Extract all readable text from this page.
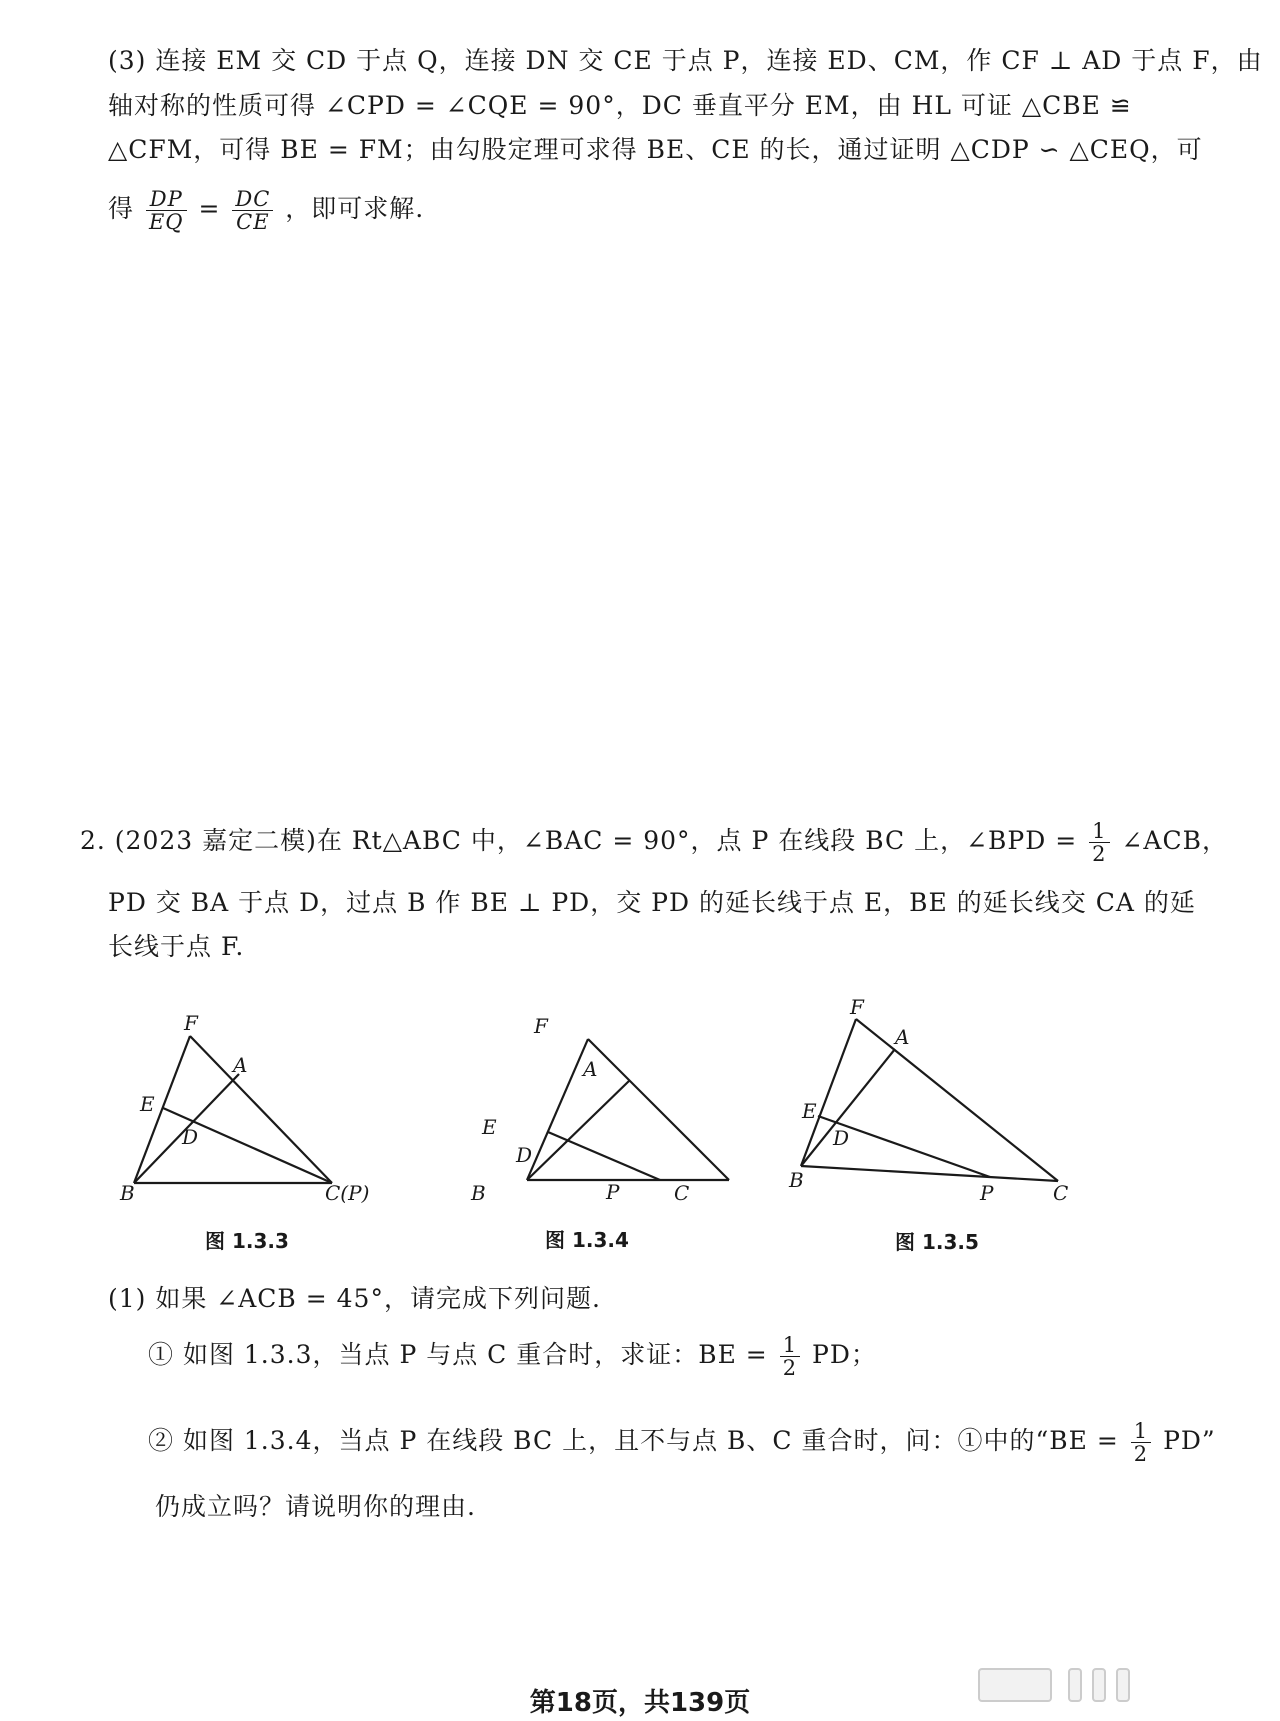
(3) 连接 EM 交 CD 于点 Q，连接 DN 交 CE 于点 P，连接 ED、CM，作 CF ⊥ AD 于点 F，由
轴对称的性质可得 ∠CPD = ∠CQE = 90°，DC 垂直平分 EM，由 HL 可证 △CBE ≌
△CFM，可得 BE = FM；由勾股定理可求得 BE、CE 的长，通过证明 △CDP ∽ △CEQ，可
得 $\frac{DP}{EQ} = \frac{DC}{CE}$ ，即可求解.
2. (2023 嘉定二模)在 Rt△ABC 中，∠BAC = 90°，点 P 在线段 BC 上，∠BPD = $\frac{1}{2}$ ∠ACB，
PD 交 BA 于点 D，过点 B 作 BE ⊥ PD，交 PD 的延长线于点 E，BE 的延长线交 CA 的延
长线于点 F.
F
A
E
D
B	C(P)
图 1.3.3
F
A
E
D
B	P	C
图 1.3.4
F
A
E
D
B
P	C
图 1.3.5
(1) 如果 ∠ACB = 45°，请完成下列问题.
① 如图 1.3.3，当点 P 与点 C 重合时，求证：BE = $\frac{1}{2}$ PD；
② 如图 1.3.4，当点 P 在线段 BC 上，且不与点 B、C 重合时，问：①中的“BE = $\frac{1}{2}$ PD”
仍成立吗？请说明你的理由.
第18页，共139页
